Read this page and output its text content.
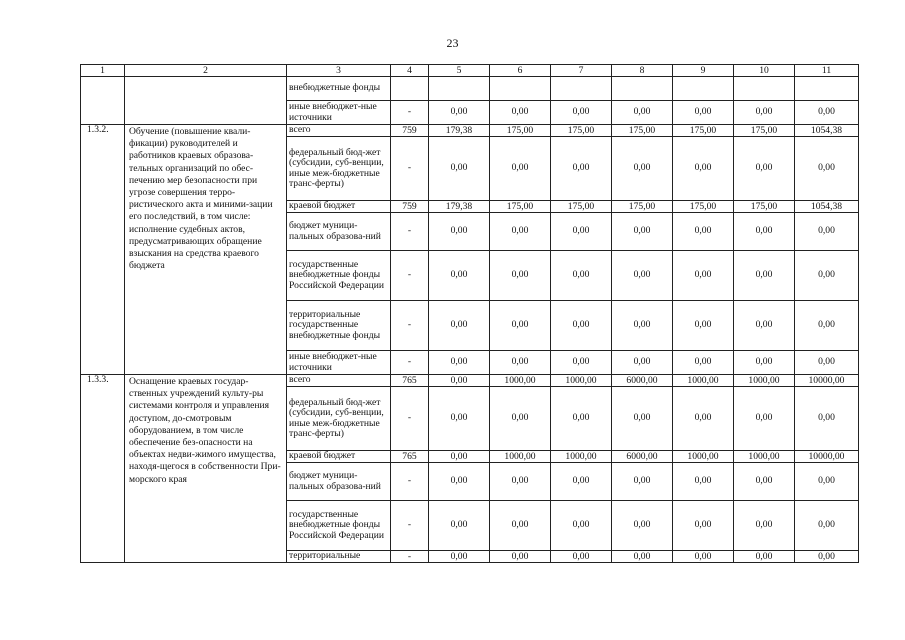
23
1	2	3	4	5	6	7	8	9	10	11
		внебюджетные фонды								
		иные внебюджет-ные источники	-	0,00	0,00	0,00	0,00	0,00	0,00	0,00
1.3.2.	Обучение (повышение квали-фикации) руководителей и работников краевых образова-тельных организаций по обес-печению мер безопасности при угрозе совершения терро-ристического акта и миними-зации его последствий, в том числе: исполнение судебных актов, предусматривающих обращение взыскания на средства краевого бюджета	всего	759	179,38	175,00	175,00	175,00	175,00	175,00	1054,38
		федеральный бюд-жет (субсидии, суб-венции, иные меж-бюджетные транс-ферты)	-	0,00	0,00	0,00	0,00	0,00	0,00	0,00
		краевой бюджет	759	179,38	175,00	175,00	175,00	175,00	175,00	1054,38
		бюджет муници-пальных образова-ний	-	0,00	0,00	0,00	0,00	0,00	0,00	0,00
		государственные внебюджетные фонды Российской Федерации	-	0,00	0,00	0,00	0,00	0,00	0,00	0,00
		территориальные государственные внебюджетные фонды	-	0,00	0,00	0,00	0,00	0,00	0,00	0,00
		иные внебюджет-ные источники	-	0,00	0,00	0,00	0,00	0,00	0,00	0,00
1.3.3.	Оснащение краевых государ-ственных учреждений культу-ры системами контроля и управления доступом, до-смотровым оборудованием, в том числе обеспечение без-опасности на объектах недви-жимого имущества, находя-щегося в собственности При-морского края	всего	765	0,00	1000,00	1000,00	6000,00	1000,00	1000,00	10000,00
		федеральный бюд-жет (субсидии, суб-венции, иные меж-бюджетные транс-ферты)	-	0,00	0,00	0,00	0,00	0,00	0,00	0,00
		краевой бюджет	765	0,00	1000,00	1000,00	6000,00	1000,00	1000,00	10000,00
		бюджет муници-пальных образова-ний	-	0,00	0,00	0,00	0,00	0,00	0,00	0,00
		государственные внебюджетные фонды Российской Федерации	-	0,00	0,00	0,00	0,00	0,00	0,00	0,00
		территориальные	-	0,00	0,00	0,00	0,00	0,00	0,00	0,00
